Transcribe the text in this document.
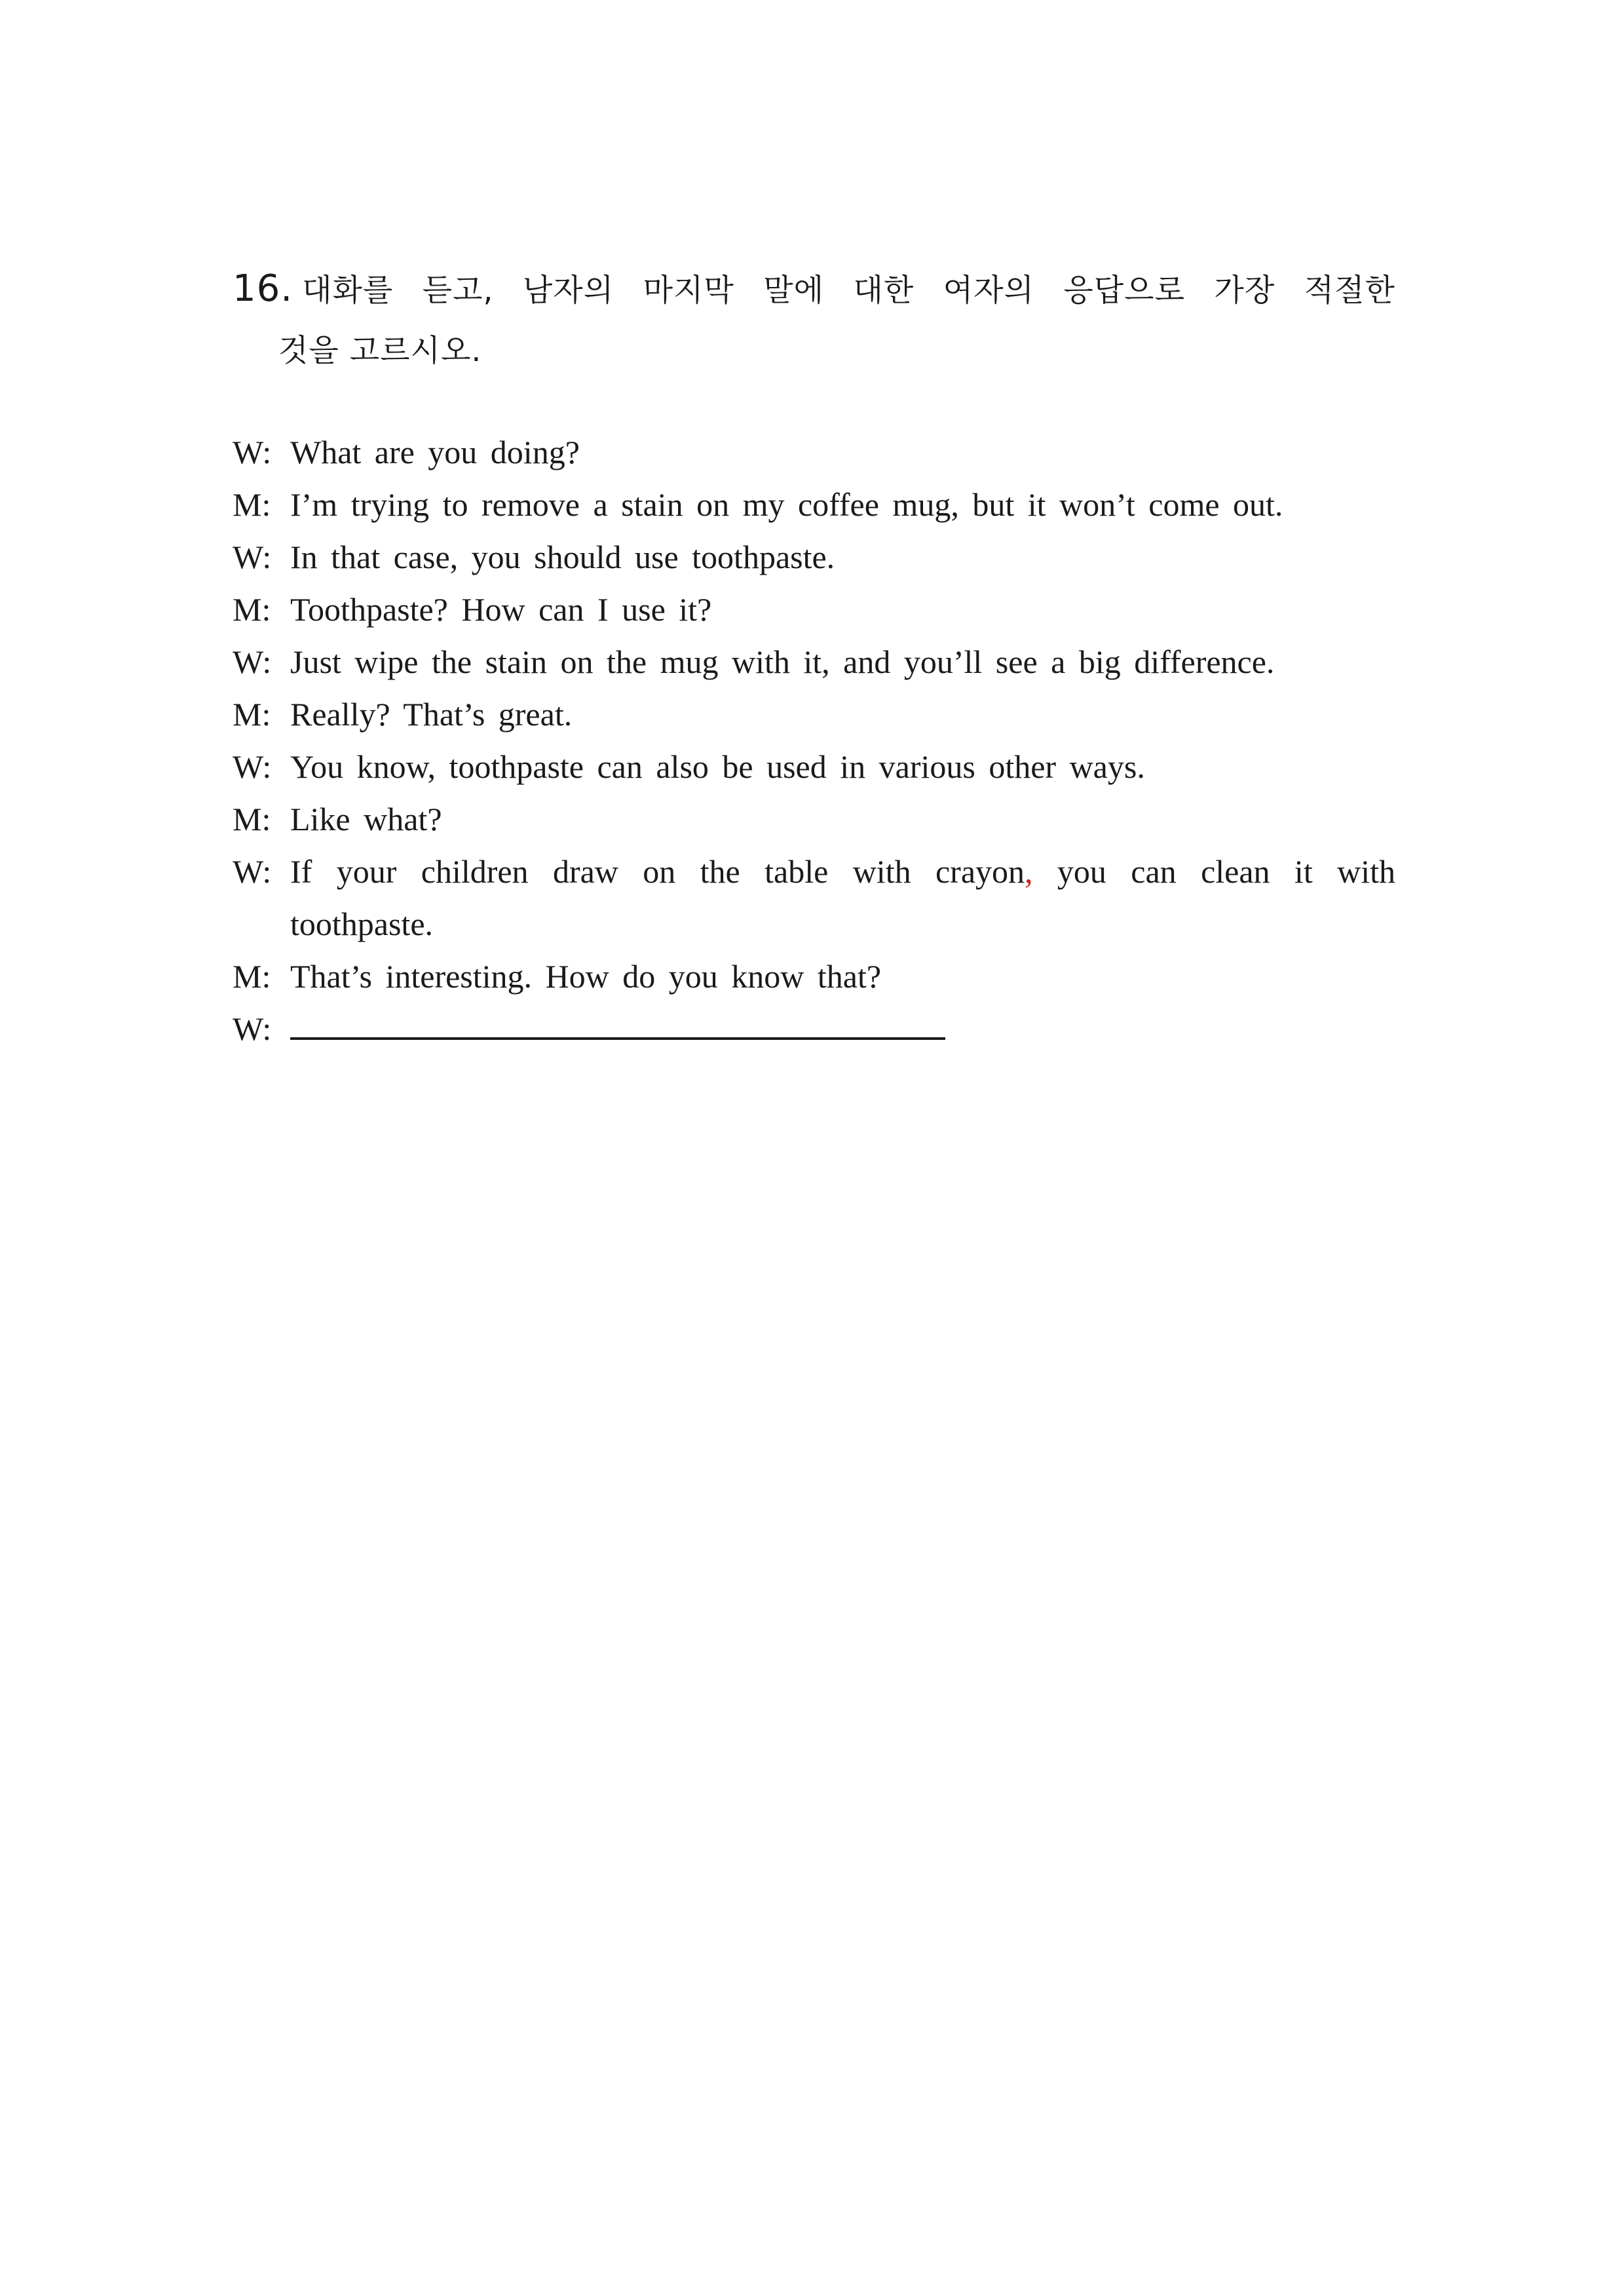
16. 대화를 듣고, 남자의 마지막 말에 대한 여자의 응답으로 가장 적절한
것을 고르시오.
W: What are you doing?
M: I’m trying to remove a stain on my coffee mug, but it won’t come out.
W: In that case, you should use toothpaste.
M: Toothpaste? How can I use it?
W: Just wipe the stain on the mug with it, and you’ll see a big difference.
M: Really? That’s great.
W: You know, toothpaste can also be used in various other ways.
M: Like what?
W: If your children draw on the table with crayon, you can clean it with toothpaste.
M: That’s interesting. How do you know that?
W:
